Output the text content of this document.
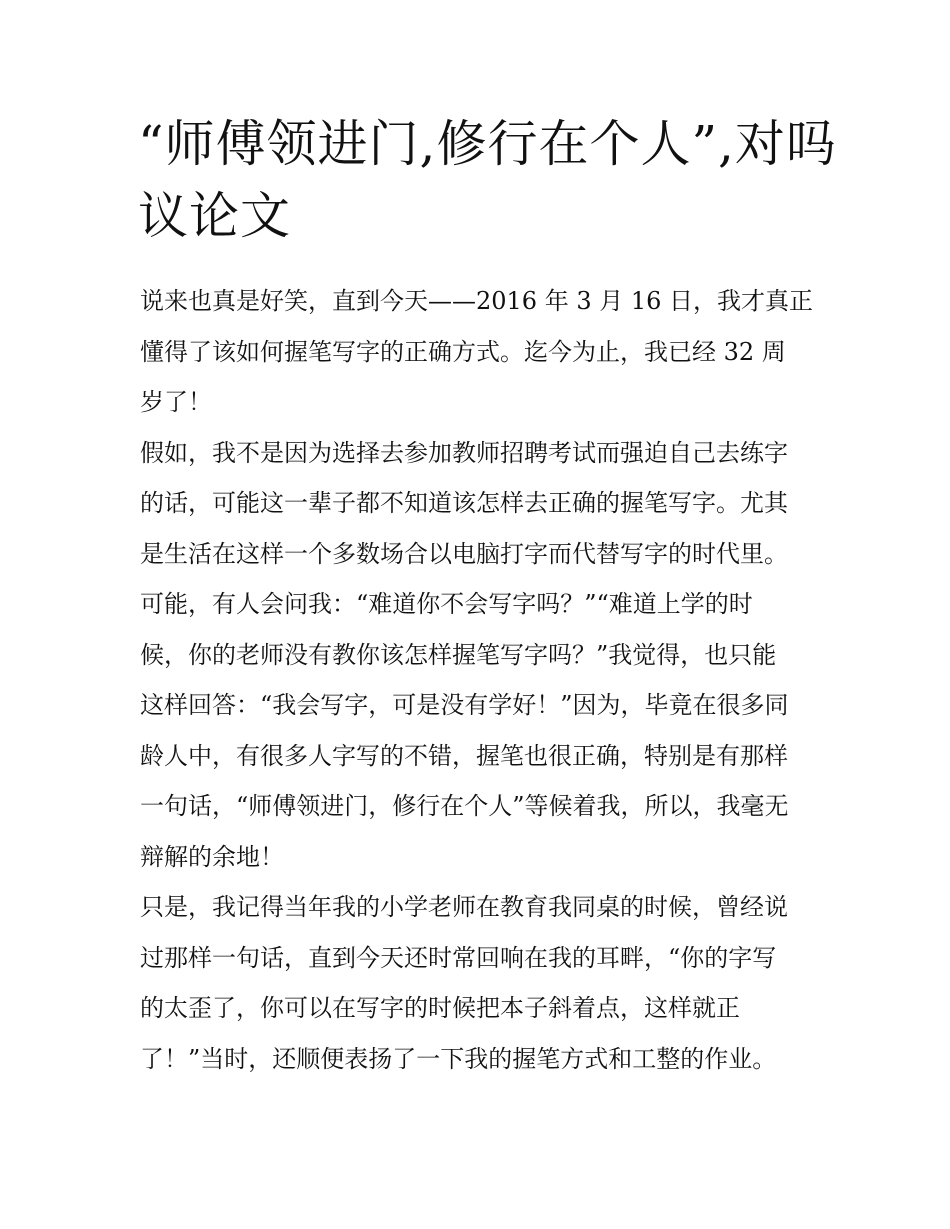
“师傅领进门,修行在个人”,对吗
议论文

说来也真是好笑，直到今天——2016 年 3 月 16 日，我才真正
懂得了该如何握笔写字的正确方式。迄今为止，我已经 32 周
岁了！

假如，我不是因为选择去参加教师招聘考试而强迫自己去练字
的话，可能这一辈子都不知道该怎样去正确的握笔写字。尤其
是生活在这样一个多数场合以电脑打字而代替写字的时代里。
可能，有人会问我：“难道你不会写字吗？”“难道上学的时
候，你的老师没有教你该怎样握笔写字吗？”我觉得，也只能
这样回答：“我会写字，可是没有学好！”因为，毕竟在很多同
龄人中，有很多人字写的不错，握笔也很正确，特别是有那样
一句话，“师傅领进门，修行在个人”等候着我，所以，我毫无
辩解的余地！

只是，我记得当年我的小学老师在教育我同桌的时候，曾经说
过那样一句话，直到今天还时常回响在我的耳畔，“你的字写
的太歪了，你可以在写字的时候把本子斜着点，这样就正
了！”当时，还顺便表扬了一下我的握笔方式和工整的作业。
